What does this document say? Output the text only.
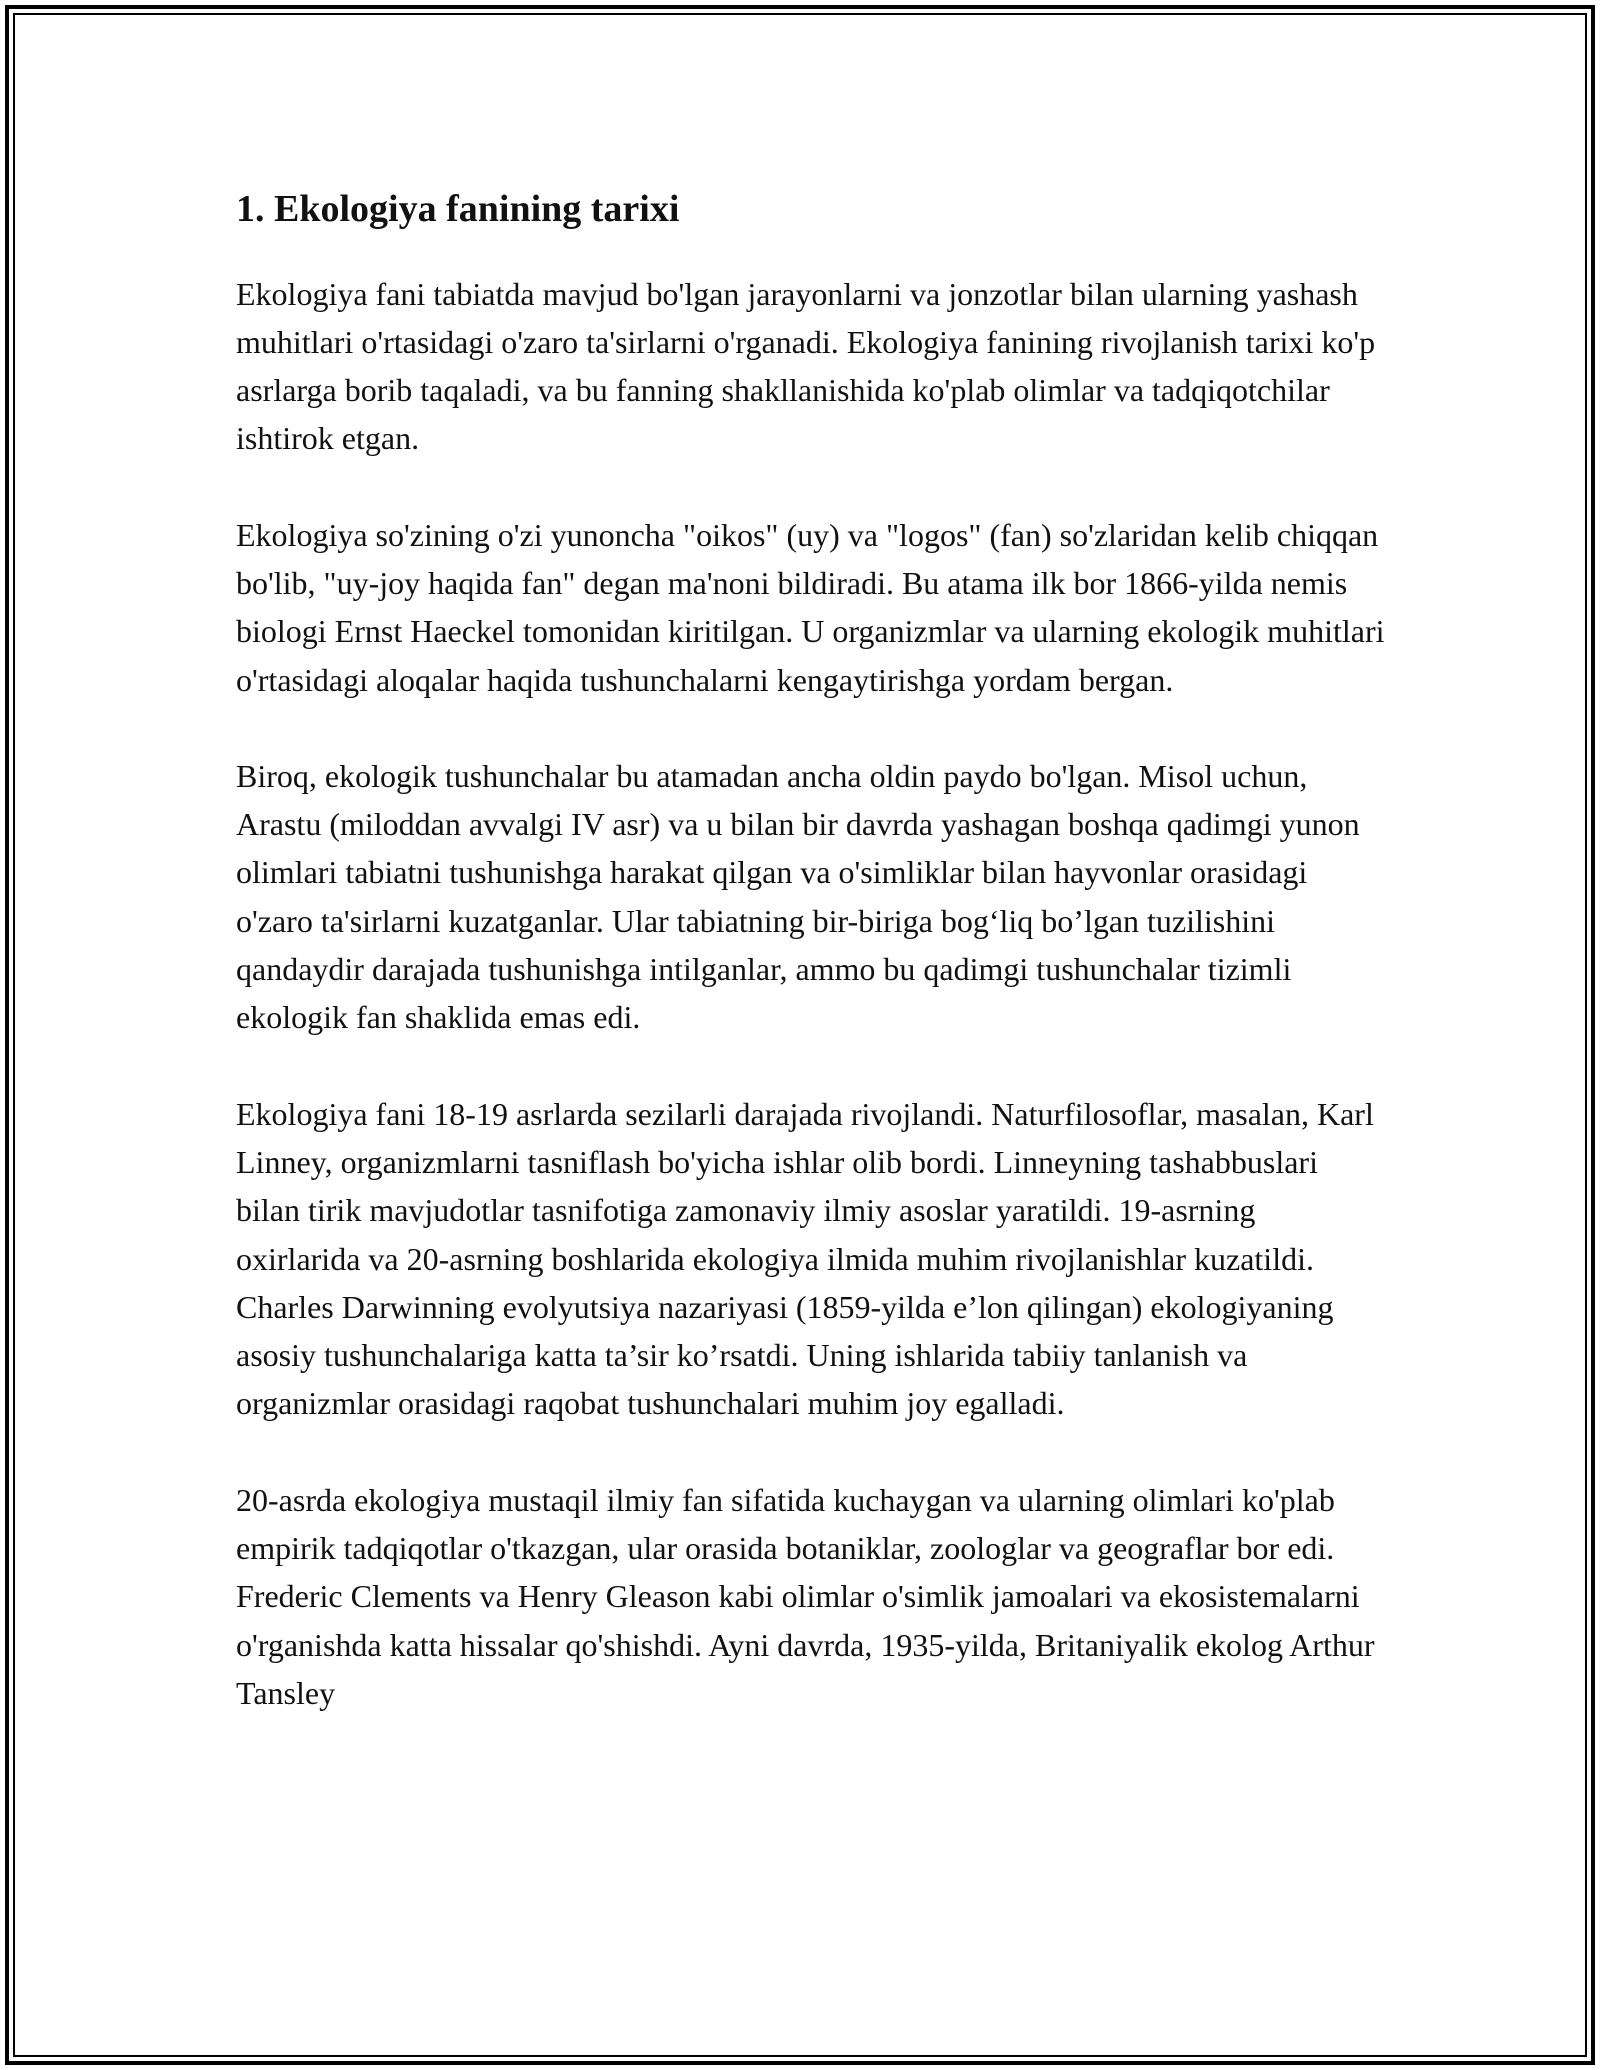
1. Ekologiya fanining tarixi

Ekologiya fani tabiatda mavjud bo'lgan jarayonlarni va jonzotlar bilan ularning yashash muhitlari o'rtasidagi o'zaro ta'sirlarni o'rganadi. Ekologiya fanining rivojlanish tarixi ko'p asrlarga borib taqaladi, va bu fanning shakllanishida ko'plab olimlar va tadqiqotchilar ishtirok etgan.

Ekologiya so'zining o'zi yunoncha "oikos" (uy) va "logos" (fan) so'zlaridan kelib chiqqan bo'lib, "uy-joy haqida fan" degan ma'noni bildiradi. Bu atama ilk bor 1866-yilda nemis biologi Ernst Haeckel tomonidan kiritilgan. U organizmlar va ularning ekologik muhitlari o'rtasidagi aloqalar haqida tushunchalarni kengaytirishga yordam bergan.

Biroq, ekologik tushunchalar bu atamadan ancha oldin paydo bo'lgan. Misol uchun, Arastu (miloddan avvalgi IV asr) va u bilan bir davrda yashagan boshqa qadimgi yunon olimlari tabiatni tushunishga harakat qilgan va o'simliklar bilan hayvonlar orasidagi o'zaro ta'sirlarni kuzatganlar. Ular tabiatning bir-biriga bog‘liq bo’lgan tuzilishini qandaydir darajada tushunishga intilganlar, ammo bu qadimgi tushunchalar tizimli ekologik fan shaklida emas edi.

Ekologiya fani 18-19 asrlarda sezilarli darajada rivojlandi. Naturfilosoflar, masalan, Karl Linney, organizmlarni tasniflash bo'yicha ishlar olib bordi. Linneyning tashabbuslari bilan tirik mavjudotlar tasnifotiga zamonaviy ilmiy asoslar yaratildi. 19-asrning oxirlarida va 20-asrning boshlarida ekologiya ilmida muhim rivojlanishlar kuzatildi. Charles Darwinning evolyutsiya nazariyasi (1859-yilda e’lon qilingan) ekologiyaning asosiy tushunchalariga katta ta’sir ko’rsatdi. Uning ishlarida tabiiy tanlanish va organizmlar orasidagi raqobat tushunchalari muhim joy egalladi.

20-asrda ekologiya mustaqil ilmiy fan sifatida kuchaygan va ularning olimlari ko'plab empirik tadqiqotlar o'tkazgan, ular orasida botaniklar, zoologlar va geograflar bor edi. Frederic Clements va Henry Gleason kabi olimlar o'simlik jamoalari va ekosistemalarni o'rganishda katta hissalar qo'shishdi. Ayni davrda, 1935-yilda, Britaniyalik ekolog Arthur Tansley
